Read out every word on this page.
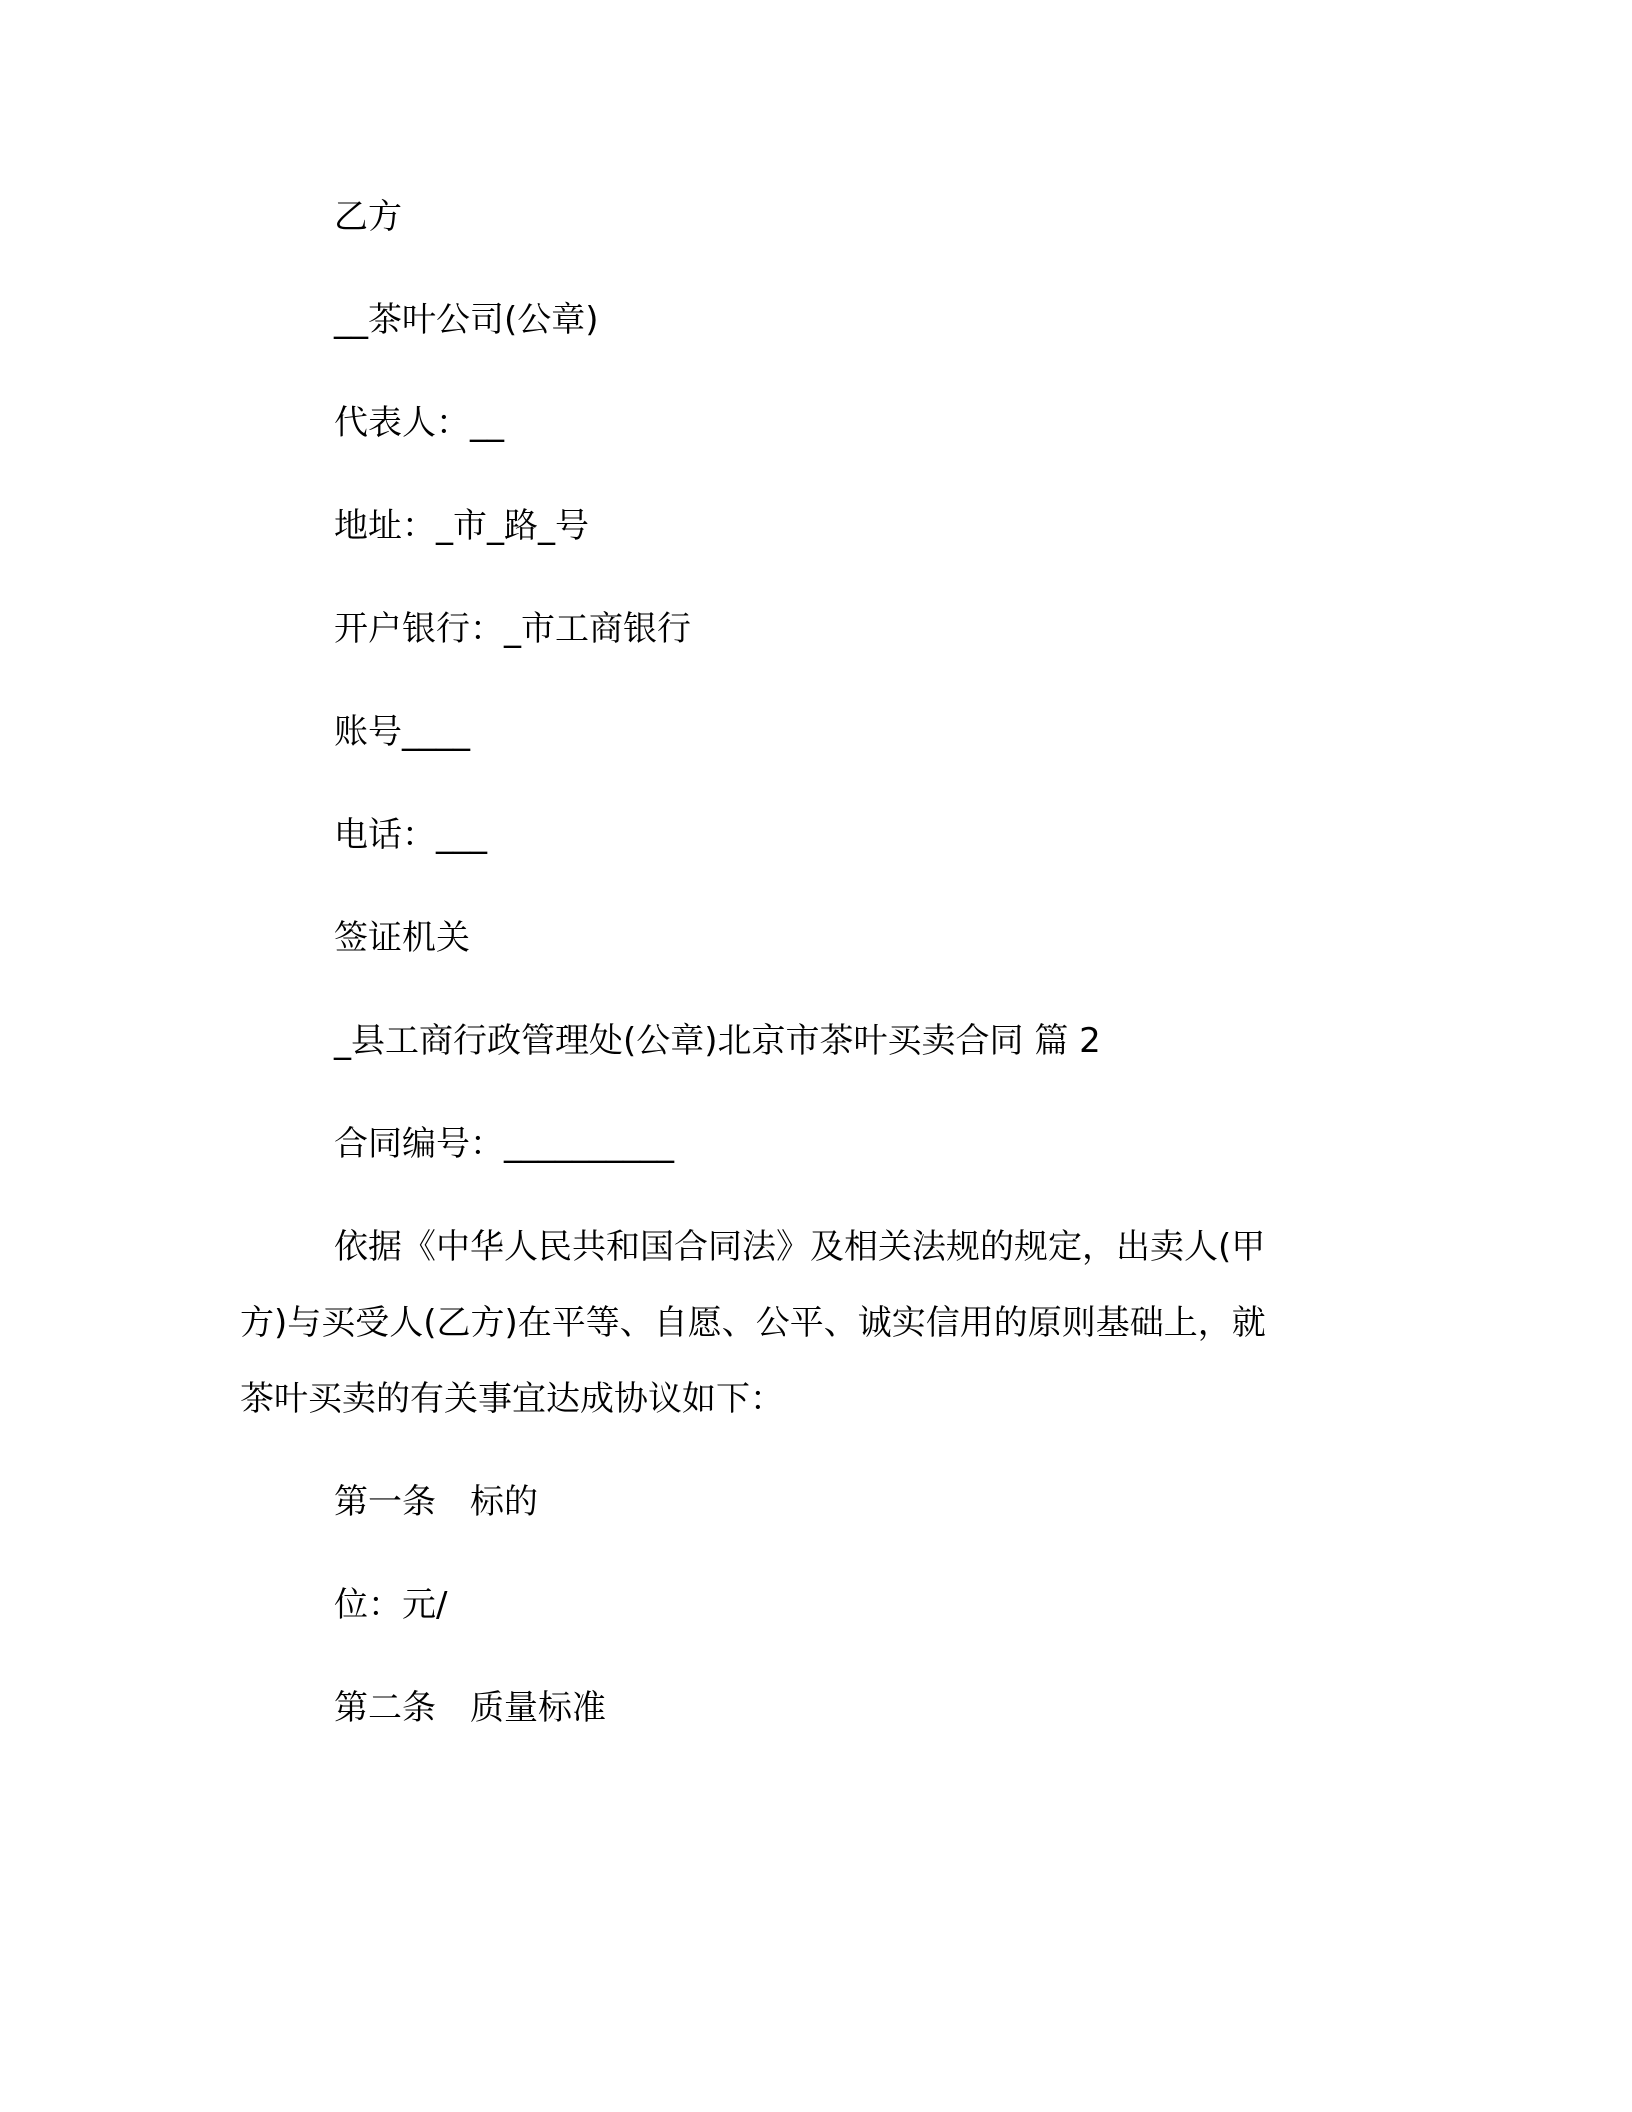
乙方
__茶叶公司(公章)
代表人：__
地址：_市_路_号
开户银行：_市工商银行
账号____
电话：___
签证机关
_县工商行政管理处(公章)北京市茶叶买卖合同 篇 2
合同编号：__________
依据《中华人民共和国合同法》及相关法规的规定，出卖人(甲
方)与买受人(乙方)在平等、自愿、公平、诚实信用的原则基础上，就
茶叶买卖的有关事宜达成协议如下：
第一条　标的
位：元/
第二条　质量标准
